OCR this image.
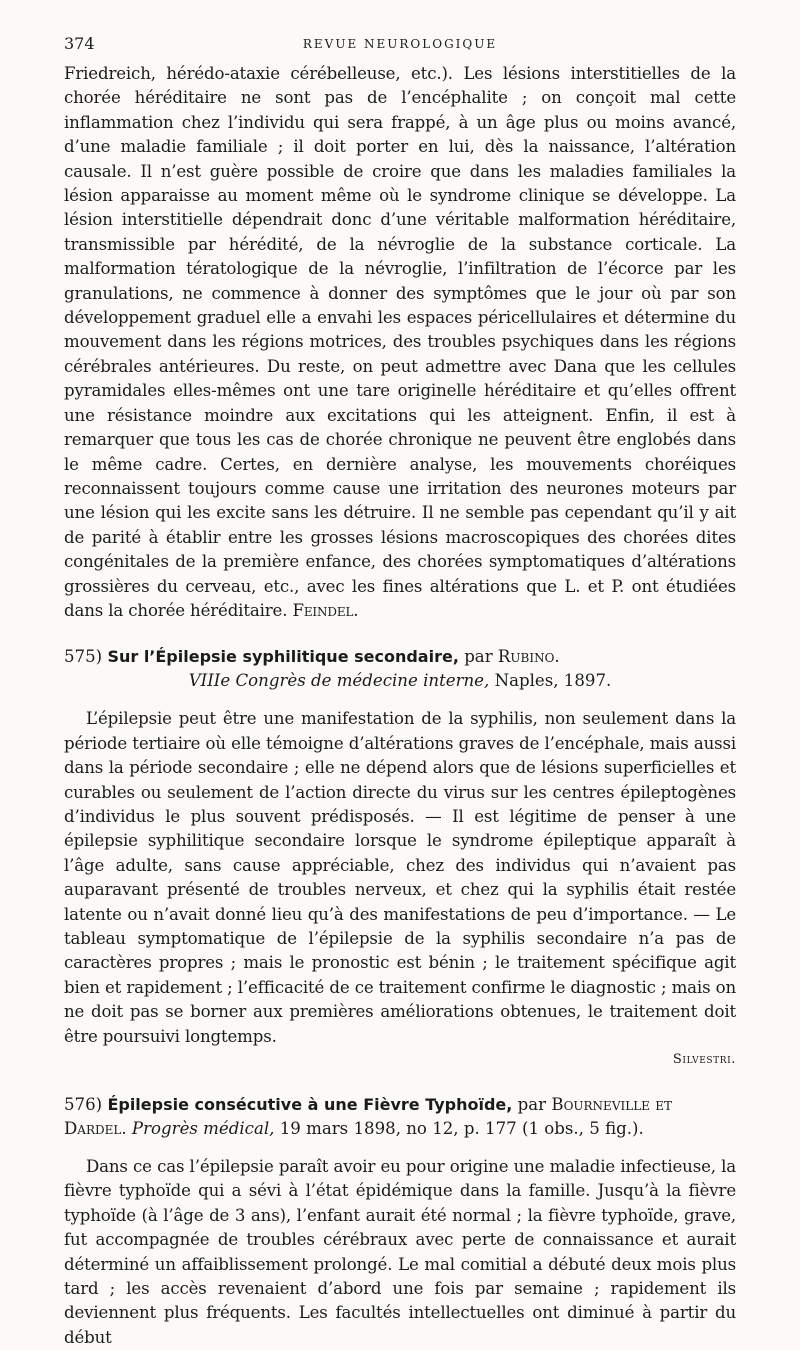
374	REVUE NEUROLOGIQUE

Friedreich, hérédo-ataxie cérébelleuse, etc.). Les lésions interstitielles de la chorée héréditaire ne sont pas de l’encéphalite ; on conçoit mal cette inflammation chez l’individu qui sera frappé, à un âge plus ou moins avancé, d’une maladie familiale ; il doit porter en lui, dès la naissance, l’altération causale. Il n’est guère possible de croire que dans les maladies familiales la lésion apparaisse au moment même où le syndrome clinique se développe. La lésion interstitielle dépendrait donc d’une véritable malformation héréditaire, transmissible par hérédité, de la névroglie de la substance corticale. La malformation tératologique de la névroglie, l’infiltration de l’écorce par les granulations, ne commence à donner des symptômes que le jour où par son développement graduel elle a envahi les espaces péricellulaires et détermine du mouvement dans les régions motrices, des troubles psychiques dans les régions cérébrales antérieures. Du reste, on peut admettre avec Dana que les cellules pyramidales elles-mêmes ont une tare originelle héréditaire et qu’elles offrent une résistance moindre aux excitations qui les atteignent. Enfin, il est à remarquer que tous les cas de chorée chronique ne peuvent être englobés dans le même cadre. Certes, en dernière analyse, les mouvements choréiques reconnaissent toujours comme cause une irritation des neurones moteurs par une lésion qui les excite sans les détruire. Il ne semble pas cependant qu’il y ait de parité à établir entre les grosses lésions macroscopiques des chorées dites congénitales de la première enfance, des chorées symptomatiques d’altérations grossières du cerveau, etc., avec les fines altérations que L. et P. ont étudiées dans la chorée héréditaire. Feindel.

575) Sur l’Épilepsie syphilitique secondaire, par Rubino.
VIIIe Congrès de médecine interne, Naples, 1897.

L’épilepsie peut être une manifestation de la syphilis, non seulement dans la période tertiaire où elle témoigne d’altérations graves de l’encéphale, mais aussi dans la période secondaire ; elle ne dépend alors que de lésions superficielles et curables ou seulement de l’action directe du virus sur les centres épileptogènes d’individus le plus souvent prédisposés. — Il est légitime de penser à une épilepsie syphilitique secondaire lorsque le syndrome épileptique apparaît à l’âge adulte, sans cause appréciable, chez des individus qui n’avaient pas auparavant présenté de troubles nerveux, et chez qui la syphilis était restée latente ou n’avait donné lieu qu’à des manifestations de peu d’importance. — Le tableau symptomatique de l’épilepsie de la syphilis secondaire n’a pas de caractères propres ; mais le pronostic est bénin ; le traitement spécifique agit bien et rapidement ; l’efficacité de ce traitement confirme le diagnostic ; mais on ne doit pas se borner aux premières améliorations obtenues, le traitement doit être poursuivi longtemps.

Silvestri.

576) Épilepsie consécutive à une Fièvre Typhoïde, par Bourneville et Dardel. Progrès médical, 19 mars 1898, no 12, p. 177 (1 obs., 5 fig.).

Dans ce cas l’épilepsie paraît avoir eu pour origine une maladie infectieuse, la fièvre typhoïde qui a sévi à l’état épidémique dans la famille. Jusqu’à la fièvre typhoïde (à l’âge de 3 ans), l’enfant aurait été normal ; la fièvre typhoïde, grave, fut accompagnée de troubles cérébraux avec perte de connaissance et aurait déterminé un affaiblissement prolongé. Le mal comitial a débuté deux mois plus tard ; les accès revenaient d’abord une fois par semaine ; rapidement ils deviennent plus fréquents. Les facultés intellectuelles ont diminué à partir du début
